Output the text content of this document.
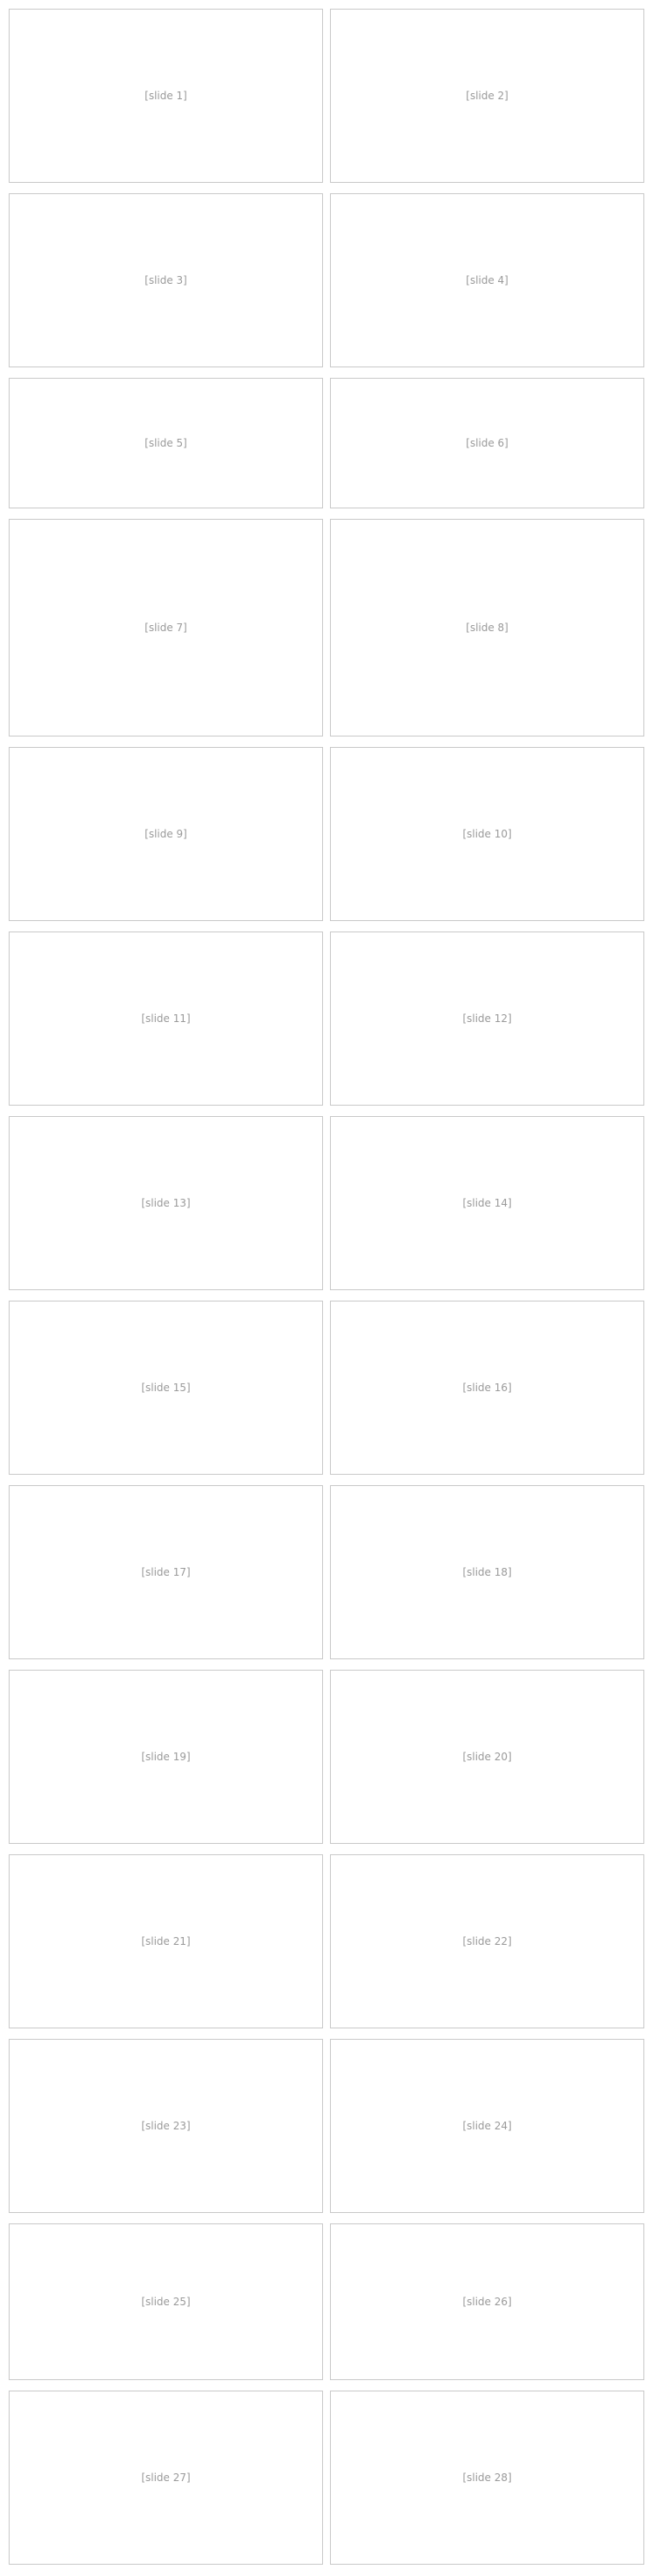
[slide 1]	[slide 2]
[slide 3]	[slide 4]
[slide 5]	[slide 6]
[slide 7]	[slide 8]
[slide 9]	[slide 10]
[slide 11]	[slide 12]
[slide 13]	[slide 14]
[slide 15]	[slide 16]
[slide 17]	[slide 18]
[slide 19]	[slide 20]
[slide 21]	[slide 22]
[slide 23]	[slide 24]
[slide 25]	[slide 26]
[slide 27]	[slide 28]
